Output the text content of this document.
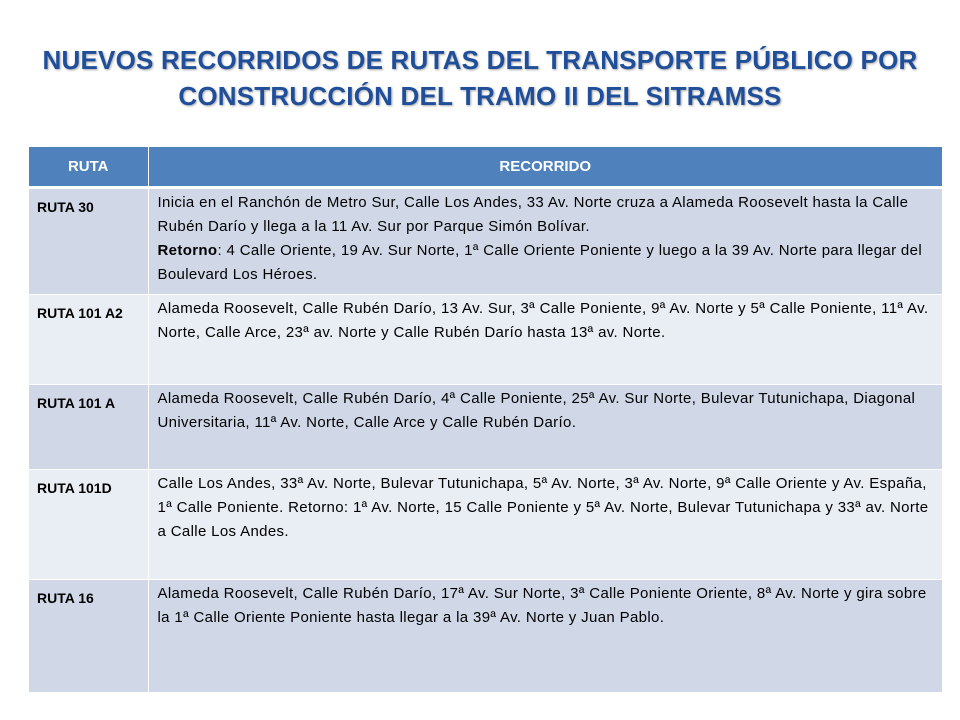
NUEVOS RECORRIDOS DE RUTAS DEL TRANSPORTE PÚBLICO POR
CONSTRUCCIÓN DEL TRAMO II DEL SITRAMSS
RUTA	RECORRIDO
RUTA 30	Inicia en el Ranchón de Metro Sur, Calle Los Andes, 33 Av. Norte cruza a Alameda Roosevelt hasta la Calle Rubén Darío y llega a la 11 Av. Sur por Parque Simón Bolívar.
Retorno: 4 Calle Oriente, 19 Av. Sur Norte, 1ª Calle Oriente Poniente y luego a la 39 Av. Norte para llegar del Boulevard Los Héroes.
RUTA 101 A2	Alameda Roosevelt, Calle Rubén Darío, 13 Av. Sur, 3ª Calle Poniente, 9ª Av. Norte y 5ª Calle Poniente, 11ª Av. Norte, Calle Arce, 23ª av. Norte y Calle Rubén Darío hasta 13ª av. Norte.
RUTA 101 A	Alameda Roosevelt, Calle Rubén Darío, 4ª Calle Poniente, 25ª Av. Sur Norte, Bulevar Tutunichapa, Diagonal Universitaria, 11ª Av. Norte, Calle Arce y Calle Rubén Darío.
RUTA 101D	Calle Los Andes, 33ª Av. Norte, Bulevar Tutunichapa, 5ª Av. Norte, 3ª Av. Norte, 9ª Calle Oriente y Av. España, 1ª Calle Poniente. Retorno: 1ª Av. Norte, 15 Calle Poniente y 5ª Av. Norte, Bulevar Tutunichapa y 33ª av. Norte a Calle Los Andes.
RUTA 16	Alameda Roosevelt, Calle Rubén Darío, 17ª Av. Sur Norte, 3ª Calle Poniente Oriente, 8ª Av. Norte y gira sobre la 1ª Calle Oriente Poniente hasta llegar a la 39ª Av. Norte y Juan Pablo.
